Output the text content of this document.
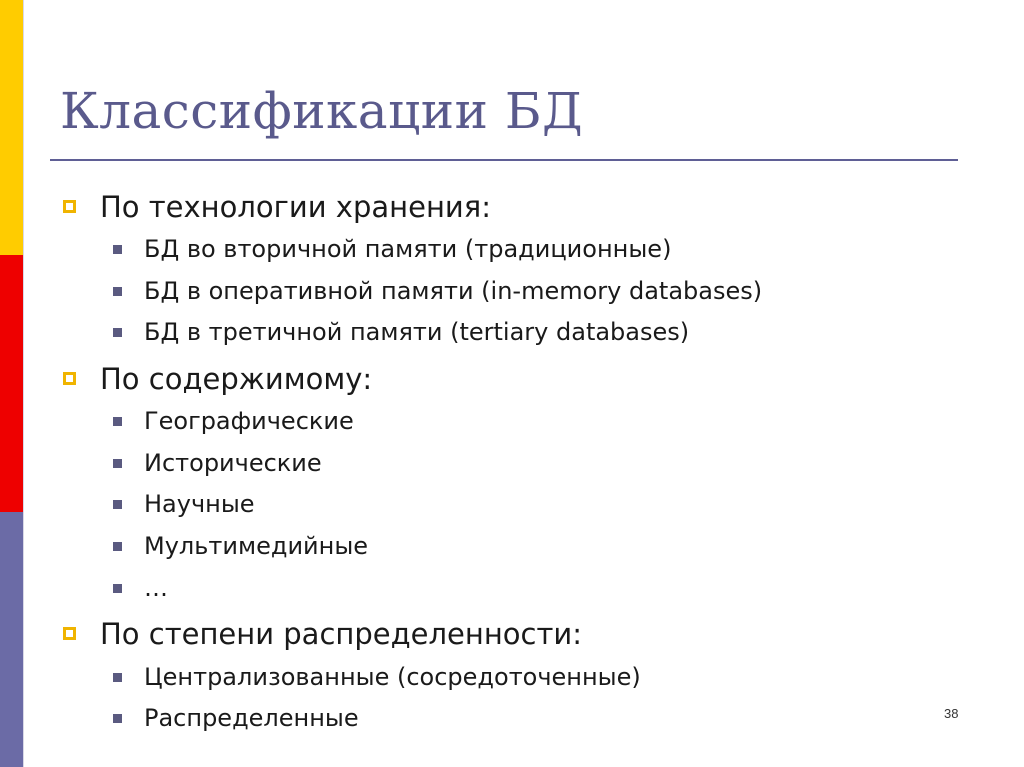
Классификации БД
По технологии хранения:
БД во вторичной памяти (традиционные)
БД в оперативной памяти (in-memory databases)
БД в третичной памяти (tertiary databases)
По содержимому:
Географические
Исторические
Научные
Мультимедийные
…
По степени распределенности:
Централизованные (сосредоточенные)
Распределенные	38
